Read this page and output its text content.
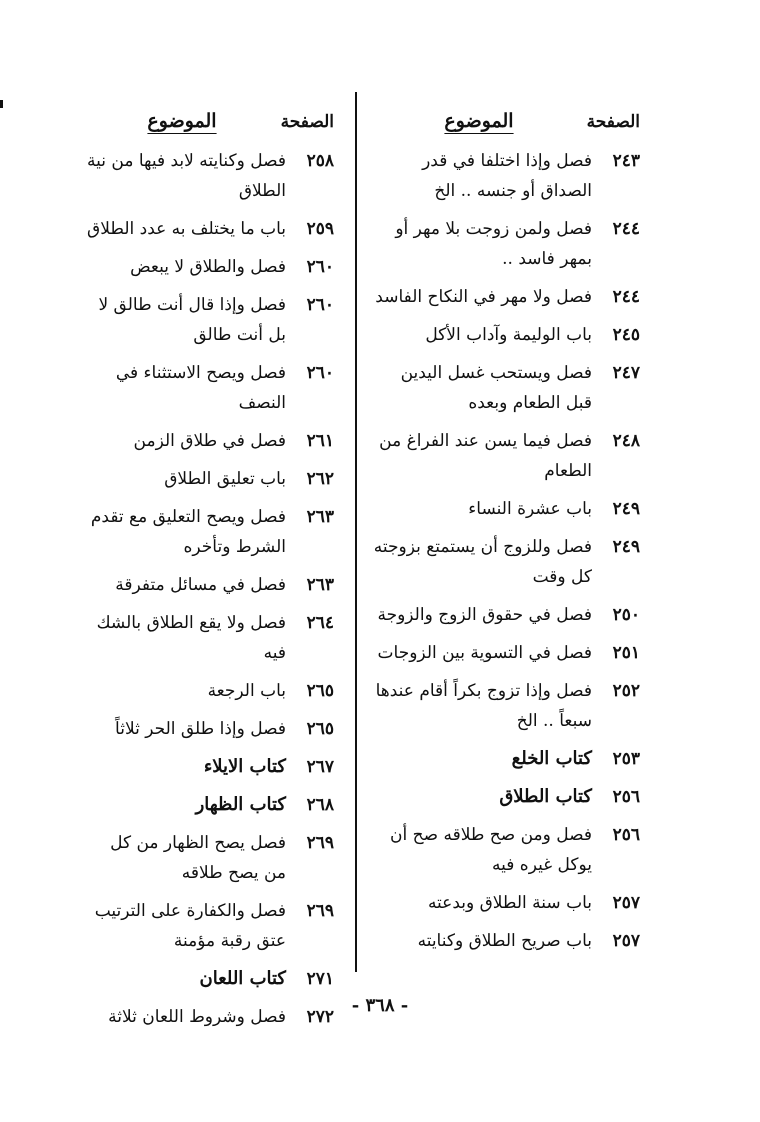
الصفحة
الموضوع
٢٤٣
فصل وإذا اختلفا في قدر الصداق أو جنسه .. الخ
٢٤٤
فصل ولمن زوجت بلا مهر أو بمهر فاسد ..
٢٤٤
فصل ولا مهر في النكاح الفاسد
٢٤٥
باب الوليمة وآداب الأكل
٢٤٧
فصل ويستحب غسل اليدين قبل الطعام وبعده
٢٤٨
فصل فيما يسن عند الفراغ من الطعام
٢٤٩
باب عشرة النساء
٢٤٩
فصل وللزوج أن يستمتع بزوجته كل وقت
٢٥٠
فصل في حقوق الزوج والزوجة
٢٥١
فصل في التسوية بين الزوجات
٢٥٢
فصل وإذا تزوج بكراً أقام عندها سبعاً .. الخ
٢٥٣
كتاب الخلع
٢٥٦
كتاب الطلاق
٢٥٦
فصل ومن صح طلاقه صح أن يوكل غيره فيه
٢٥٧
باب سنة الطلاق وبدعته
٢٥٧
باب صريح الطلاق وكنايته
الصفحة
الموضوع
٢٥٨
فصل وكنايته لابد فيها من نية الطلاق
٢٥٩
باب ما يختلف به عدد الطلاق
٢٦٠
فصل والطلاق لا يبعض
٢٦٠
فصل وإذا قال أنت طالق لا بل أنت طالق
٢٦٠
فصل ويصح الاستثناء في النصف
٢٦١
فصل في طلاق الزمن
٢٦٢
باب تعليق الطلاق
٢٦٣
فصل ويصح التعليق مع تقدم الشرط وتأخره
٢٦٣
فصل في مسائل متفرقة
٢٦٤
فصل ولا يقع الطلاق بالشك فيه
٢٦٥
باب الرجعة
٢٦٥
فصل وإذا طلق الحر ثلاثاً
٢٦٧
كتاب الايلاء
٢٦٨
كتاب الظهار
٢٦٩
فصل يصح الظهار من كل من يصح طلاقه
٢٦٩
فصل والكفارة على الترتيب عتق رقبة مؤمنة
٢٧١
كتاب اللعان
٢٧٢
فصل وشروط اللعان ثلاثة
- ٣٦٨ -
